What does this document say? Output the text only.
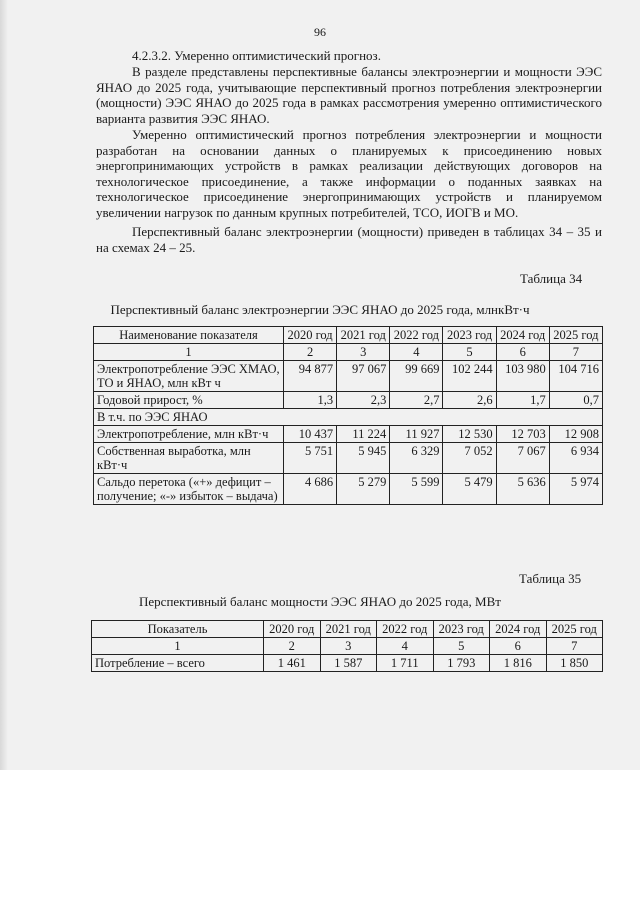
96
4.2.3.2. Умеренно оптимистический прогноз.

В разделе представлены перспективные балансы электроэнергии и мощности ЭЭС ЯНАО до 2025 года, учитывающие перспективный прогноз потребления электроэнергии (мощности) ЭЭС ЯНАО до 2025 года в рамках рассмотрения умеренно оптимистического варианта развития ЭЭС ЯНАО.

Умеренно оптимистический прогноз потребления электроэнергии и мощности разработан на основании данных о планируемых к присоединению новых энергопринимающих устройств в рамках реализации действующих договоров на технологическое присоединение, а также информации о поданных заявках на технологическое присоединение энергопринимающих устройств и планируемом увеличении нагрузок по данным крупных потребителей, ТСО, ИОГВ и МО.

Перспективный баланс электроэнергии (мощности) приведен в таблицах 34 – 35 и на схемах 24 – 25.

Таблица 34
Перспективный баланс электроэнергии ЭЭС ЯНАО до 2025 года, млнкВт·ч
Наименование показателя	2020 год	2021 год	2022 год	2023 год	2024 год	2025 год
1	2	3	4	5	6	7
Электропотребление ЭЭС ХМАО, ТО и ЯНАО, млн кВт ч	94 877	97 067	99 669	102 244	103 980	104 716
Годовой прирост, %	1,3	2,3	2,7	2,6	1,7	0,7
В т.ч. по ЭЭС ЯНАО						
Электропотребление, млн кВт·ч	10 437	11 224	11 927	12 530	12 703	12 908
Собственная выработка, млн кВт·ч	5 751	5 945	6 329	7 052	7 067	6 934
Сальдо перетока («+» дефицит – получение; «-» избыток – выдача)	4 686	5 279	5 599	5 479	5 636	5 974
Таблица 35
Перспективный баланс мощности ЭЭС ЯНАО до 2025 года, МВт
Показатель	2020 год	2021 год	2022 год	2023 год	2024 год	2025 год
1	2	3	4	5	6	7
Потребление – всего	1 461	1 587	1 711	1 793	1 816	1 850
